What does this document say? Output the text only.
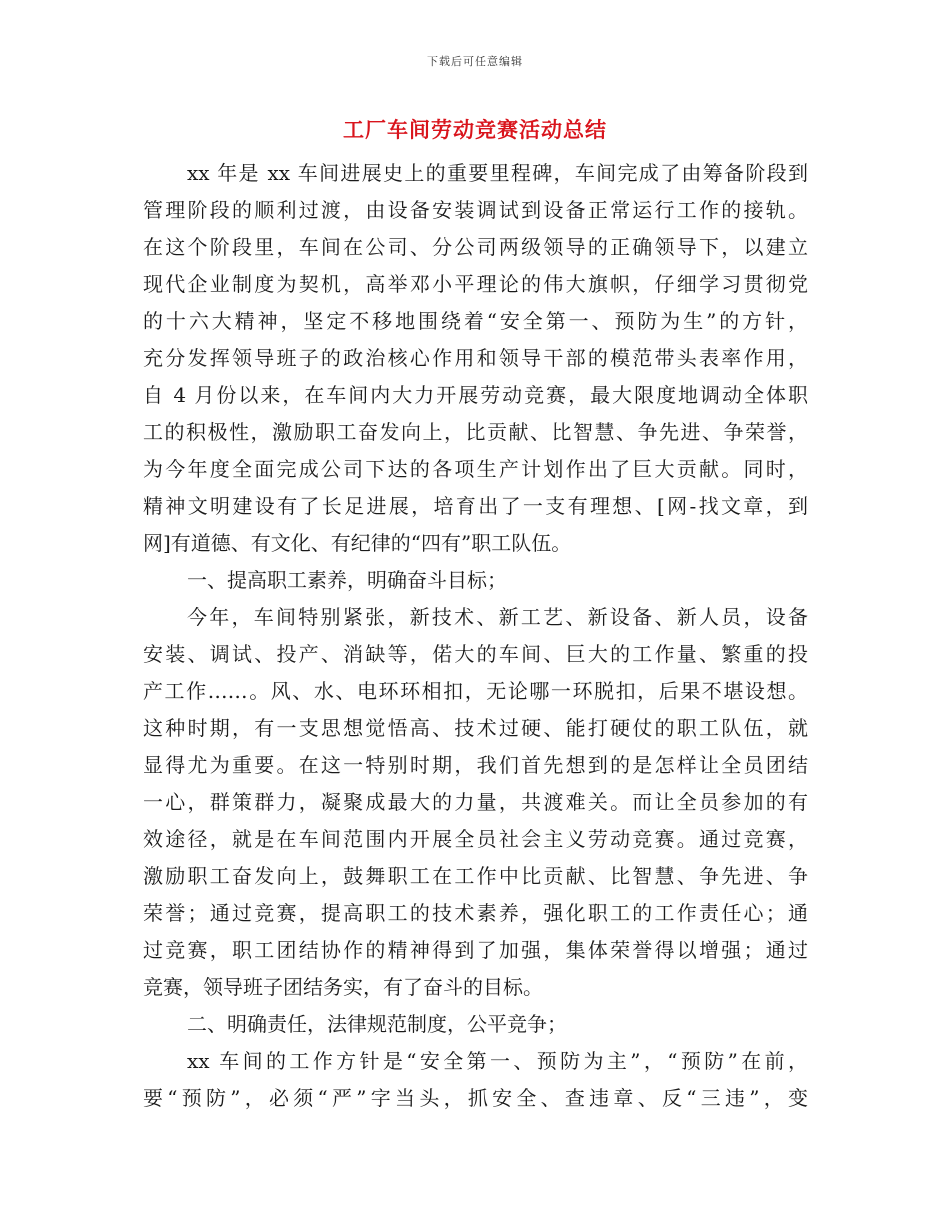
下载后可任意编辑
工厂车间劳动竞赛活动总结
xx 年是 xx 车间进展史上的重要里程碑，车间完成了由筹备阶段到
管理阶段的顺利过渡，由设备安装调试到设备正常运行工作的接轨。
在这个阶段里，车间在公司、分公司两级领导的正确领导下，以建立
现代企业制度为契机，高举邓小平理论的伟大旗帜，仔细学习贯彻党
的十六大精神，坚定不移地围绕着“安全第一、预防为生”的方针，
充分发挥领导班子的政治核心作用和领导干部的模范带头表率作用，
自 4 月份以来，在车间内大力开展劳动竞赛，最大限度地调动全体职
工的积极性，激励职工奋发向上，比贡献、比智慧、争先进、争荣誉，
为今年度全面完成公司下达的各项生产计划作出了巨大贡献。同时，
精神文明建设有了长足进展，培育出了一支有理想、[网-找文章，到
网]有道德、有文化、有纪律的“四有”职工队伍。
一、提高职工素养，明确奋斗目标；
今年，车间特别紧张，新技术、新工艺、新设备、新人员，设备
安装、调试、投产、消缺等，偌大的车间、巨大的工作量、繁重的投
产工作……。风、水、电环环相扣，无论哪一环脱扣，后果不堪设想。
这种时期，有一支思想觉悟高、技术过硬、能打硬仗的职工队伍，就
显得尤为重要。在这一特别时期，我们首先想到的是怎样让全员团结
一心，群策群力，凝聚成最大的力量，共渡难关。而让全员参加的有
效途径，就是在车间范围内开展全员社会主义劳动竞赛。通过竞赛，
激励职工奋发向上，鼓舞职工在工作中比贡献、比智慧、争先进、争
荣誉；通过竞赛，提高职工的技术素养，强化职工的工作责任心；通
过竞赛，职工团结协作的精神得到了加强，集体荣誉得以增强；通过
竞赛，领导班子团结务实，有了奋斗的目标。
二、明确责任，法律规范制度，公平竞争；
xx 车间的工作方针是“安全第一、预防为主”，“预防”在前，
要“预防”，必须“严”字当头，抓安全、查违章、反“三违”，变
